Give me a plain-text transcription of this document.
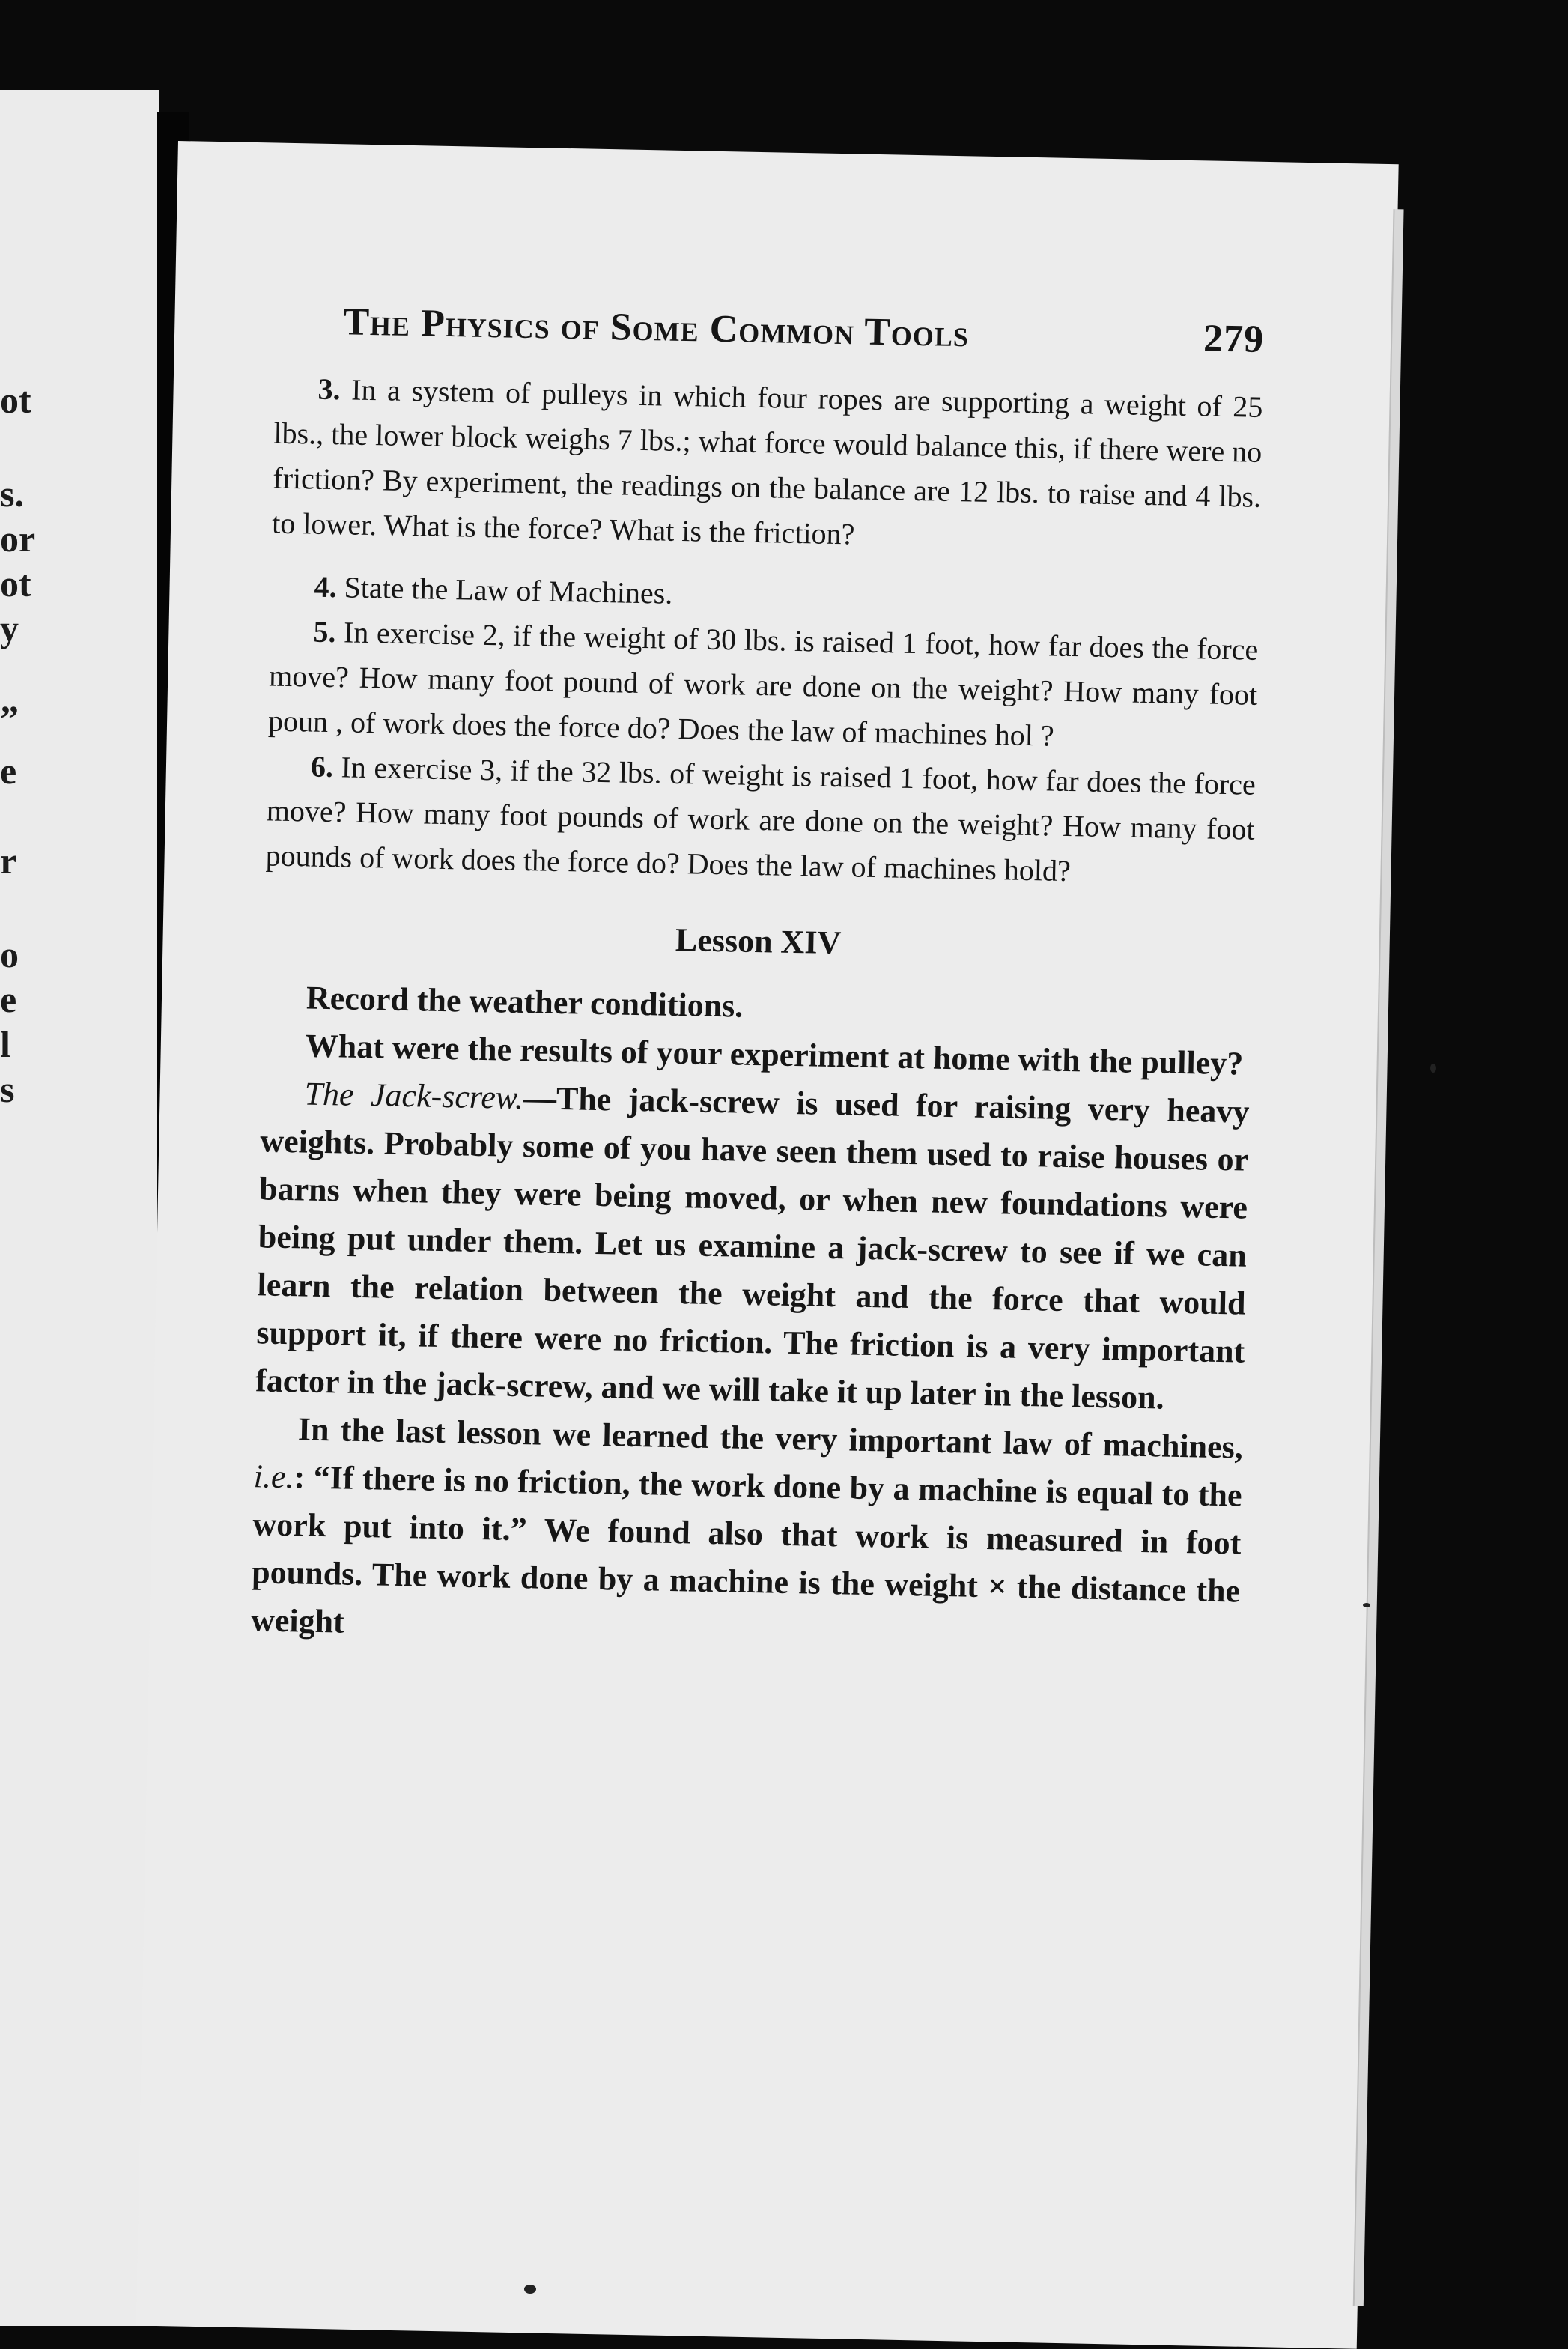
ot
s.
or
ot
y
”
e
r
o
e
l
s
The Physics of Some Common Tools	279

3. In a system of pulleys in which four ropes are supporting a weight of 25 lbs., the lower block weighs 7 lbs.; what force would balance this, if there were no friction? By experiment, the readings on the balance are 12 lbs. to raise and 4 lbs. to lower. What is the force? What is the friction?

4. State the Law of Machines.

5. In exercise 2, if the weight of 30 lbs. is raised 1 foot, how far does the force move? How many foot pound of work are done on the weight? How many foot poun , of work does the force do? Does the law of machines hol ?

6. In exercise 3, if the 32 lbs. of weight is raised 1 foot, how far does the force move? How many foot pounds of work are done on the weight? How many foot pounds of work does the force do? Does the law of machines hold?

Lesson XIV

Record the weather conditions.

What were the results of your experiment at home with the pulley?

The Jack-screw.—The jack-screw is used for raising very heavy weights. Probably some of you have seen them used to raise houses or barns when they were being moved, or when new foundations were being put under them. Let us examine a jack-screw to see if we can learn the relation between the weight and the force that would support it, if there were no friction. The friction is a very important factor in the jack-screw, and we will take it up later in the lesson.

In the last lesson we learned the very important law of machines, i.e.: “If there is no friction, the work done by a machine is equal to the work put into it.” We found also that work is measured in foot pounds. The work done by a machine is the weight × the distance the weight
